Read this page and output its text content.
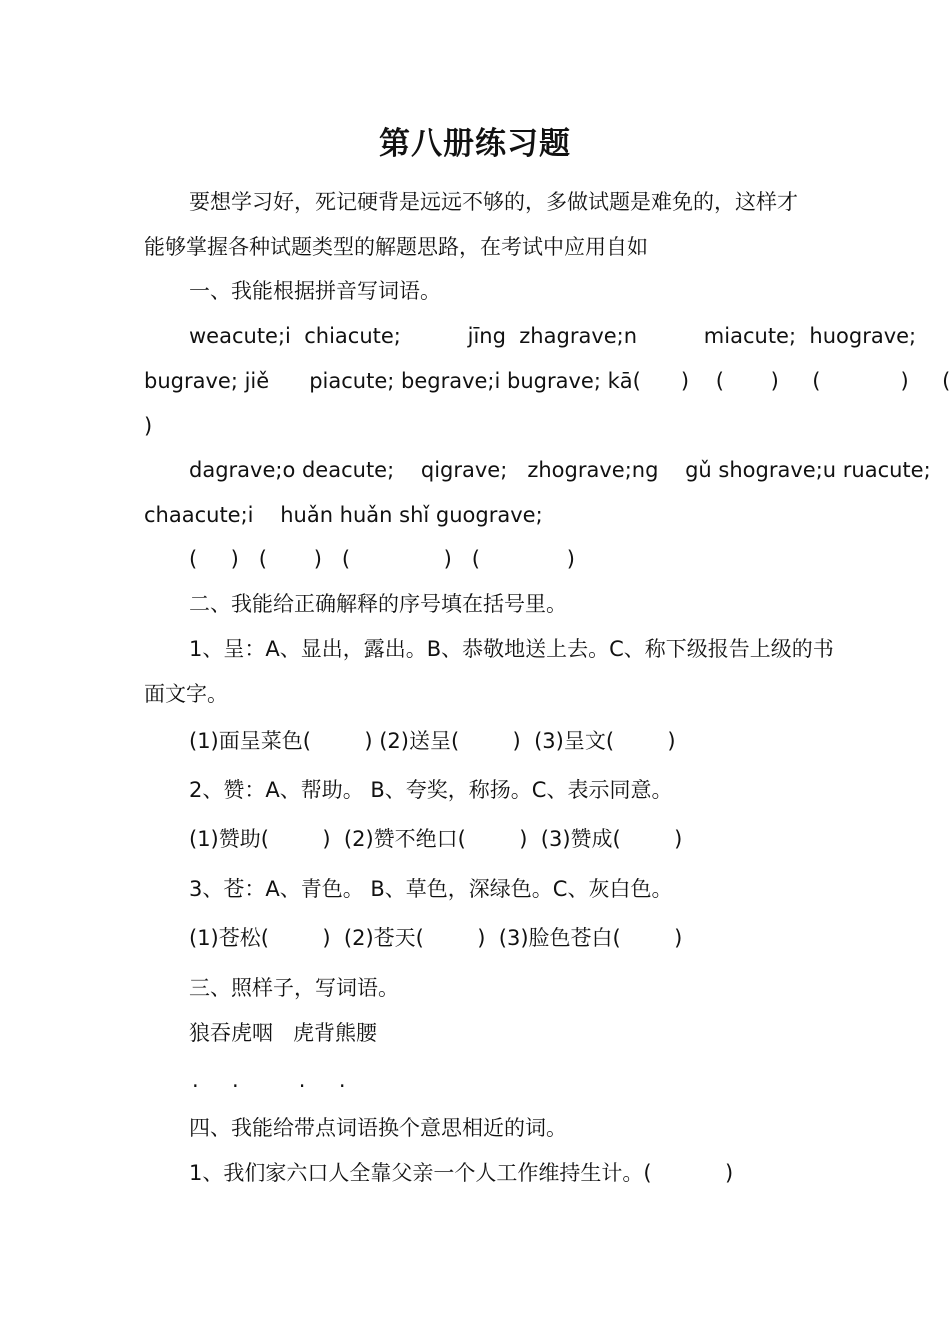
第八册练习题
要想学习好，死记硬背是远远不够的，多做试题是难免的，这样才能够掌握各种试题类型的解题思路，在考试中应用自如
一、我能根据拼音写词语。
weacute;i  chiacute;          jīng  zhagrave;n          miacute;  huograve;
bugrave; jiě      piacute; begrave;i bugrave; kā(      )    (       )     (            )     (
)
dagrave;o deacute;    qigrave;   zhograve;ng    gǔ shograve;u ruacute;
chaacute;i    huǎn huǎn shǐ guograve;
(     )   (       )   (              )   (             )
二、我能给正确解释的序号填在括号里。
1、呈：A、显出，露出。B、恭敬地送上去。C、称下级报告上级的书
面文字。
(1)面呈菜色(        ) (2)送呈(        )  (3)呈文(        )
2、赞：A、帮助。 B、夸奖，称扬。C、表示同意。
(1)赞助(        )  (2)赞不绝口(        )  (3)赞成(        )
3、苍：A、青色。 B、草色，深绿色。C、灰白色。
(1)苍松(        )  (2)苍天(        )  (3)脸色苍白(        )
三、照样子，写词语。
狼吞虎咽   虎背熊腰
.     .         .     .
四、我能给带点词语换个意思相近的词。
1、我们家六口人全靠父亲一个人工作维持生计。(           )
